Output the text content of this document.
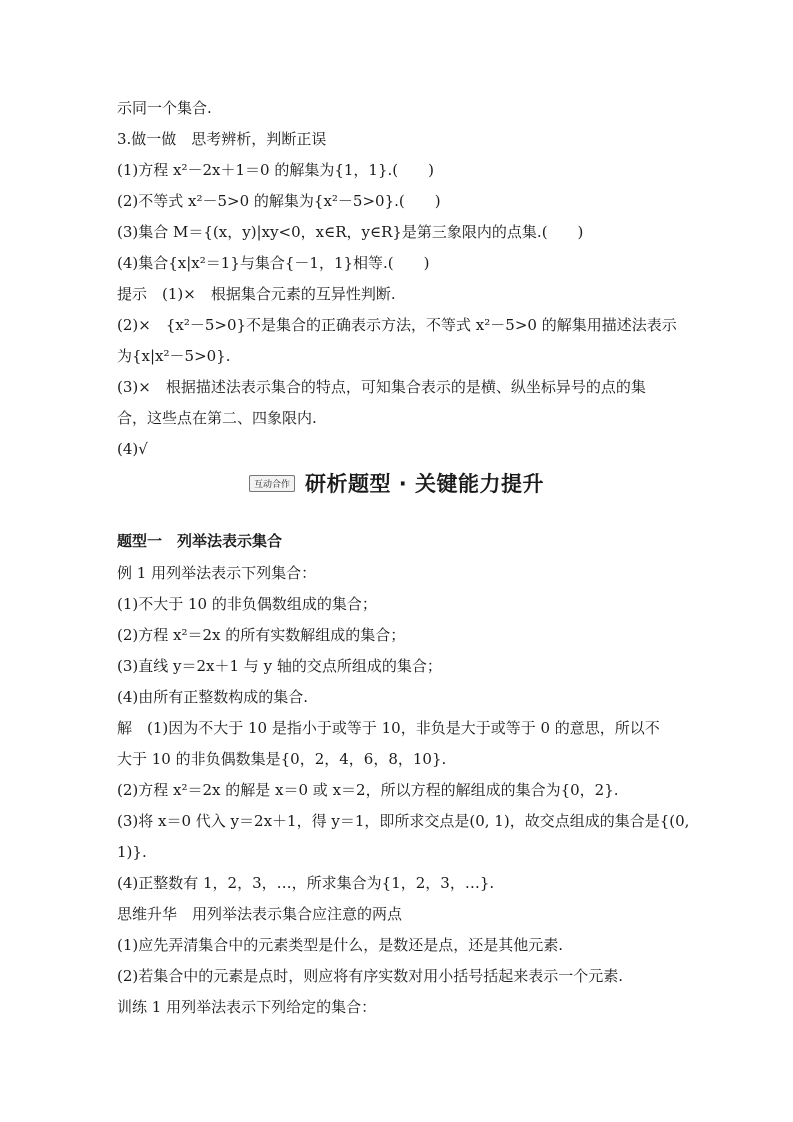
示同一个集合.
3.做一做　思考辨析，判断正误
(1)方程 x²－2x＋1＝0 的解集为{1，1}.(　　)
(2)不等式 x²－5>0 的解集为{x²－5>0}.(　　)
(3)集合 M＝{(x，y)|xy<0，x∈R，y∈R}是第三象限内的点集.(　　)
(4)集合{x|x²＝1}与集合{－1，1}相等.(　　)
提示　(1)×　根据集合元素的互异性判断.
(2)×　{x²－5>0}不是集合的正确表示方法，不等式 x²－5>0 的解集用描述法表示
为{x|x²－5>0}.
(3)×　根据描述法表示集合的特点，可知集合表示的是横、纵坐标异号的点的集
合，这些点在第二、四象限内.
(4)√
互动合作 研析题型 · 关键能力提升
题型一　列举法表示集合
例 1 用列举法表示下列集合：
(1)不大于 10 的非负偶数组成的集合；
(2)方程 x²＝2x 的所有实数解组成的集合；
(3)直线 y＝2x＋1 与 y 轴的交点所组成的集合；
(4)由所有正整数构成的集合.
解　(1)因为不大于 10 是指小于或等于 10，非负是大于或等于 0 的意思，所以不
大于 10 的非负偶数集是{0，2，4，6，8，10}.
(2)方程 x²＝2x 的解是 x＝0 或 x＝2，所以方程的解组成的集合为{0，2}.
(3)将 x＝0 代入 y＝2x＋1，得 y＝1，即所求交点是(0, 1)，故交点组成的集合是{(0,
1)}.
(4)正整数有 1，2，3，…，所求集合为{1，2，3，…}.
思维升华　用列举法表示集合应注意的两点
(1)应先弄清集合中的元素类型是什么，是数还是点，还是其他元素.
(2)若集合中的元素是点时，则应将有序实数对用小括号括起来表示一个元素.
训练 1 用列举法表示下列给定的集合：
